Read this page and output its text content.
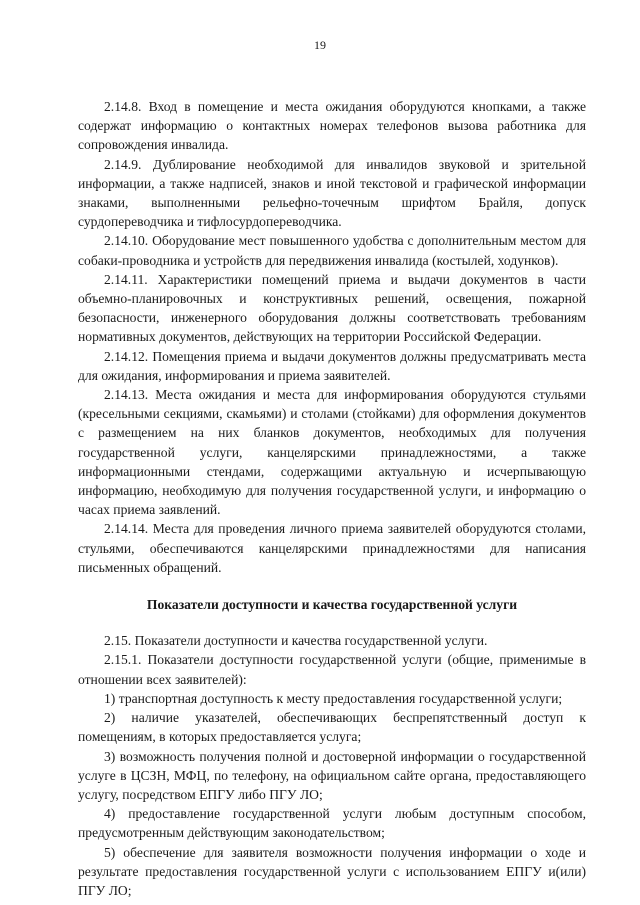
19

2.14.8. Вход в помещение и места ожидания оборудуются кнопками, а также содержат информацию о контактных номерах телефонов вызова работника для сопровождения инвалида.

2.14.9. Дублирование необходимой для инвалидов звуковой и зрительной информации, а также надписей, знаков и иной текстовой и графической информации знаками, выполненными рельефно-точечным шрифтом Брайля, допуск сурдопереводчика и тифлосурдопереводчика.

2.14.10. Оборудование мест повышенного удобства с дополнительным местом для собаки-проводника и устройств для передвижения инвалида (костылей, ходунков).

2.14.11. Характеристики помещений приема и выдачи документов в части объемно-планировочных и конструктивных решений, освещения, пожарной безопасности, инженерного оборудования должны соответствовать требованиям нормативных документов, действующих на территории Российской Федерации.

2.14.12. Помещения приема и выдачи документов должны предусматривать места для ожидания, информирования и приема заявителей.

2.14.13. Места ожидания и места для информирования оборудуются стульями (кресельными секциями, скамьями) и столами (стойками) для оформления документов с размещением на них бланков документов, необходимых для получения государственной услуги, канцелярскими принадлежностями, а также информационными стендами, содержащими актуальную и исчерпывающую информацию, необходимую для получения государственной услуги, и информацию о часах приема заявлений.

2.14.14. Места для проведения личного приема заявителей оборудуются столами, стульями, обеспечиваются канцелярскими принадлежностями для написания письменных обращений.

Показатели доступности и качества государственной услуги

2.15. Показатели доступности и качества государственной услуги.

2.15.1. Показатели доступности государственной услуги (общие, применимые в отношении всех заявителей):

1) транспортная доступность к месту предоставления государственной услуги;

2) наличие указателей, обеспечивающих беспрепятственный доступ к помещениям, в которых предоставляется услуга;

3) возможность получения полной и достоверной информации о государственной услуге в ЦСЗН, МФЦ, по телефону, на официальном сайте органа, предоставляющего услугу, посредством ЕПГУ либо ПГУ ЛО;

4) предоставление государственной услуги любым доступным способом, предусмотренным действующим законодательством;

5) обеспечение для заявителя возможности получения информации о ходе и результате предоставления государственной услуги с использованием ЕПГУ и(или) ПГУ ЛО;
